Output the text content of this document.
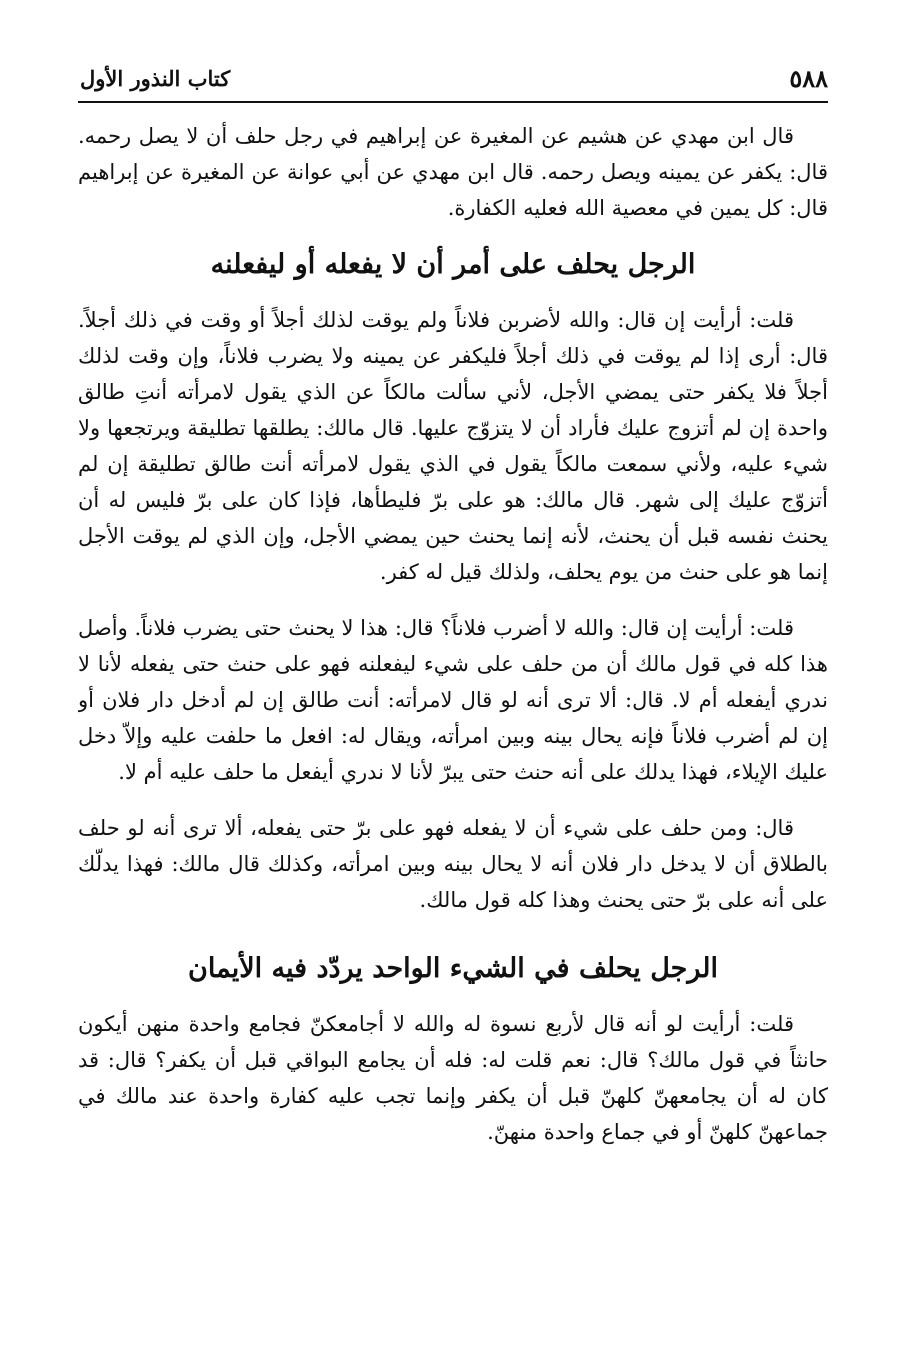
٥٨٨
كتاب النذور الأول

قال ابن مهدي عن هشيم عن المغيرة عن إبراهيم في رجل حلف أن لا يصل رحمه. قال: يكفر عن يمينه ويصل رحمه. قال ابن مهدي عن أبي عوانة عن المغيرة عن إبراهيم قال: كل يمين في معصية الله فعليه الكفارة.

الرجل يحلف على أمر أن لا يفعله أو ليفعلنه

قلت: أرأيت إن قال: والله لأضربن فلاناً ولم يوقت لذلك أجلاً أو وقت في ذلك أجلاً. قال: أرى إذا لم يوقت في ذلك أجلاً فليكفر عن يمينه ولا يضرب فلاناً، وإن وقت لذلك أجلاً فلا يكفر حتى يمضي الأجل، لأني سألت مالكاً عن الذي يقول لامرأته أنتِ طالق واحدة إن لم أتزوج عليك فأراد أن لا يتزوّج عليها. قال مالك: يطلقها تطليقة ويرتجعها ولا شيء عليه، ولأني سمعت مالكاً يقول في الذي يقول لامرأته أنت طالق تطليقة إن لم أتزوّج عليك إلى شهر. قال مالك: هو على برّ فليطأها، فإذا كان على برّ فليس له أن يحنث نفسه قبل أن يحنث، لأنه إنما يحنث حين يمضي الأجل، وإن الذي لم يوقت الأجل إنما هو على حنث من يوم يحلف، ولذلك قيل له كفر.

قلت: أرأيت إن قال: والله لا أضرب فلاناً؟ قال: هذا لا يحنث حتى يضرب فلاناً. وأصل هذا كله في قول مالك أن من حلف على شيء ليفعلنه فهو على حنث حتى يفعله لأنا لا ندري أيفعله أم لا. قال: ألا ترى أنه لو قال لامرأته: أنت طالق إن لم أدخل دار فلان أو إن لم أضرب فلاناً فإنه يحال بينه وبين امرأته، ويقال له: افعل ما حلفت عليه وإلاّ دخل عليك الإيلاء، فهذا يدلك على أنه حنث حتى يبرّ لأنا لا ندري أيفعل ما حلف عليه أم لا.

قال: ومن حلف على شيء أن لا يفعله فهو على برّ حتى يفعله، ألا ترى أنه لو حلف بالطلاق أن لا يدخل دار فلان أنه لا يحال بينه وبين امرأته، وكذلك قال مالك: فهذا يدلّك على أنه على برّ حتى يحنث وهذا كله قول مالك.

الرجل يحلف في الشيء الواحد يردّد فيه الأيمان

قلت: أرأيت لو أنه قال لأربع نسوة له والله لا أجامعكنّ فجامع واحدة منهن أيكون حانثاً في قول مالك؟ قال: نعم قلت له: فله أن يجامع البواقي قبل أن يكفر؟ قال: قد كان له أن يجامعهنّ كلهنّ قبل أن يكفر وإنما تجب عليه كفارة واحدة عند مالك في جماعهنّ كلهنّ أو في جماع واحدة منهنّ.
